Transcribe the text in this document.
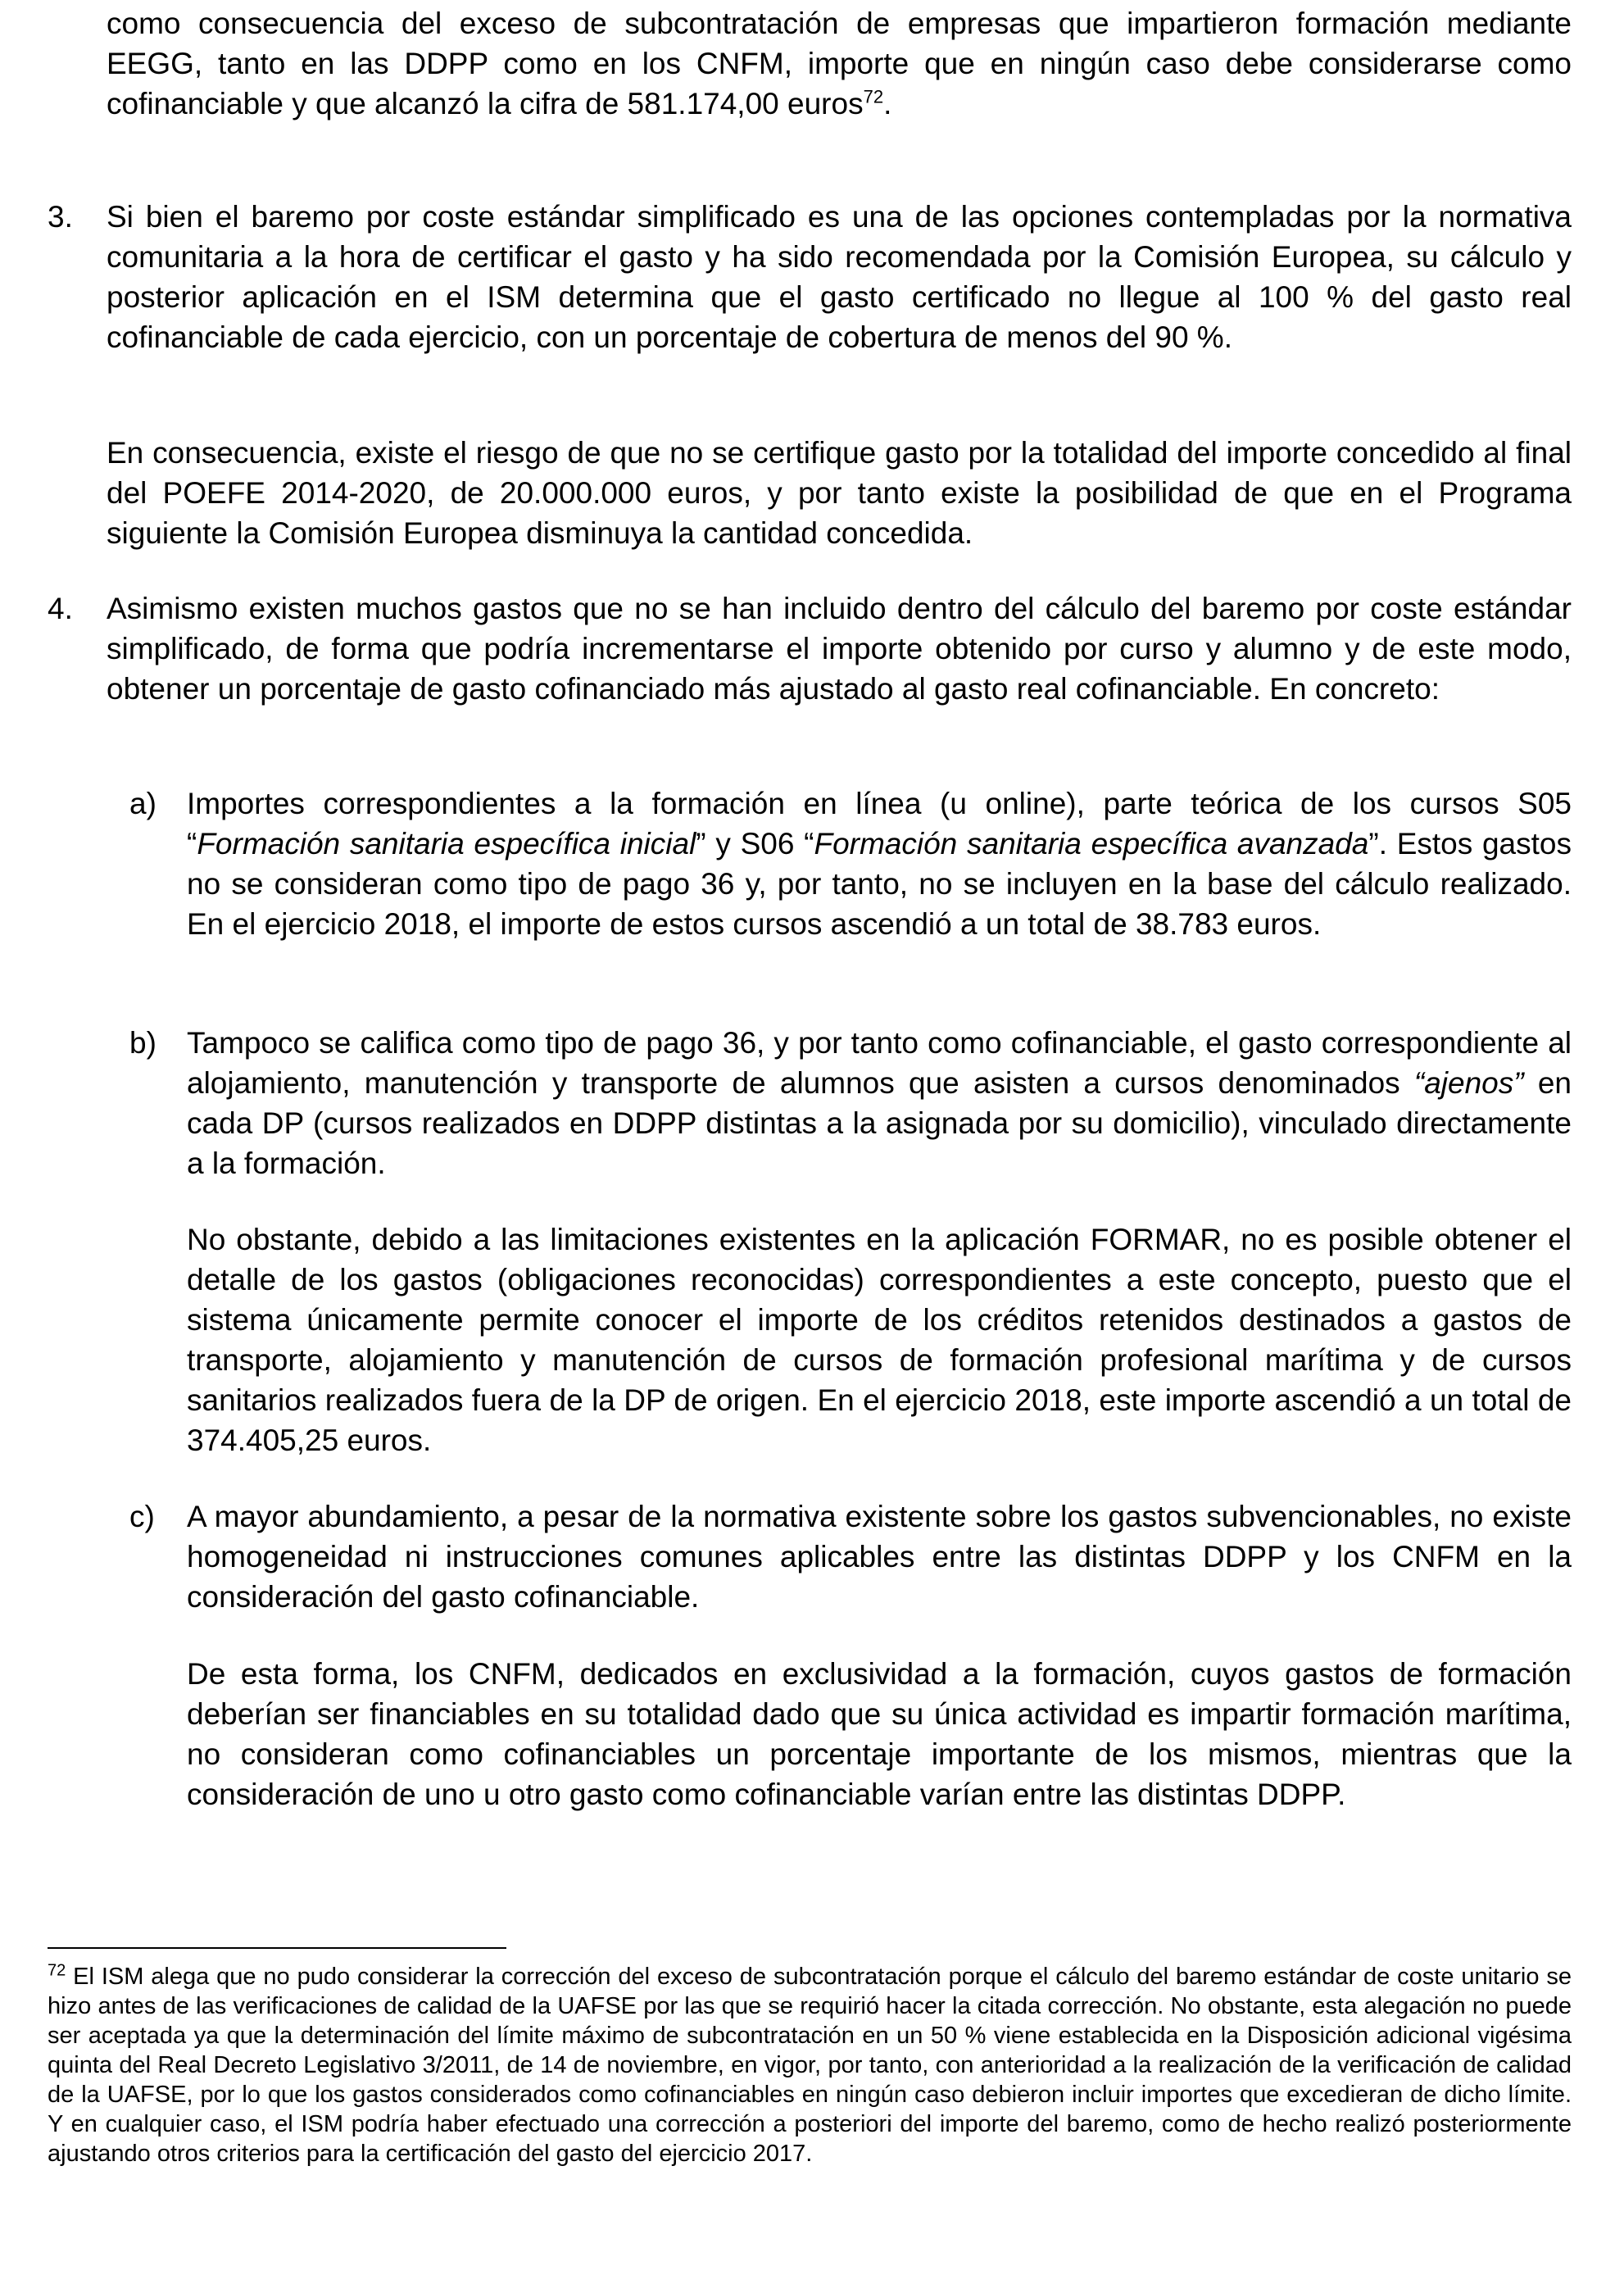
como consecuencia del exceso de subcontratación de empresas que impartieron formación mediante EEGG, tanto en las DDPP como en los CNFM, importe que en ningún caso debe considerarse como cofinanciable y que alcanzó la cifra de 581.174,00 euros$^{72}$.

3. Si bien el baremo por coste estándar simplificado es una de las opciones contempladas por la normativa comunitaria a la hora de certificar el gasto y ha sido recomendada por la Comisión Europea, su cálculo y posterior aplicación en el ISM determina que el gasto certificado no llegue al 100 % del gasto real cofinanciable de cada ejercicio, con un porcentaje de cobertura de menos del 90 %.

En consecuencia, existe el riesgo de que no se certifique gasto por la totalidad del importe concedido al final del POEFE 2014-2020, de 20.000.000 euros, y por tanto existe la posibilidad de que en el Programa siguiente la Comisión Europea disminuya la cantidad concedida.

4. Asimismo existen muchos gastos que no se han incluido dentro del cálculo del baremo por coste estándar simplificado, de forma que podría incrementarse el importe obtenido por curso y alumno y de este modo, obtener un porcentaje de gasto cofinanciado más ajustado al gasto real cofinanciable. En concreto:

a) Importes correspondientes a la formación en línea (u online), parte teórica de los cursos S05 “Formación sanitaria específica inicial” y S06 “Formación sanitaria específica avanzada”. Estos gastos no se consideran como tipo de pago 36 y, por tanto, no se incluyen en la base del cálculo realizado. En el ejercicio 2018, el importe de estos cursos ascendió a un total de 38.783 euros.

b) Tampoco se califica como tipo de pago 36, y por tanto como cofinanciable, el gasto correspondiente al alojamiento, manutención y transporte de alumnos que asisten a cursos denominados “ajenos” en cada DP (cursos realizados en DDPP distintas a la asignada por su domicilio), vinculado directamente a la formación.

No obstante, debido a las limitaciones existentes en la aplicación FORMAR, no es posible obtener el detalle de los gastos (obligaciones reconocidas) correspondientes a este concepto, puesto que el sistema únicamente permite conocer el importe de los créditos retenidos destinados a gastos de transporte, alojamiento y manutención de cursos de formación profesional marítima y de cursos sanitarios realizados fuera de la DP de origen. En el ejercicio 2018, este importe ascendió a un total de 374.405,25 euros.

c) A mayor abundamiento, a pesar de la normativa existente sobre los gastos subvencionables, no existe homogeneidad ni instrucciones comunes aplicables entre las distintas DDPP y los CNFM en la consideración del gasto cofinanciable.

De esta forma, los CNFM, dedicados en exclusividad a la formación, cuyos gastos de formación deberían ser financiables en su totalidad dado que su única actividad es impartir formación marítima, no consideran como cofinanciables un porcentaje importante de los mismos, mientras que la consideración de uno u otro gasto como cofinanciable varían entre las distintas DDPP.

$^{72}$ El ISM alega que no pudo considerar la corrección del exceso de subcontratación porque el cálculo del baremo estándar de coste unitario se hizo antes de las verificaciones de calidad de la UAFSE por las que se requirió hacer la citada corrección. No obstante, esta alegación no puede ser aceptada ya que la determinación del límite máximo de subcontratación en un 50 % viene establecida en la Disposición adicional vigésima quinta del Real Decreto Legislativo 3/2011, de 14 de noviembre, en vigor, por tanto, con anterioridad a la realización de la verificación de calidad de la UAFSE, por lo que los gastos considerados como cofinanciables en ningún caso debieron incluir importes que excedieran de dicho límite. Y en cualquier caso, el ISM podría haber efectuado una corrección a posteriori del importe del baremo, como de hecho realizó posteriormente ajustando otros criterios para la certificación del gasto del ejercicio 2017.
